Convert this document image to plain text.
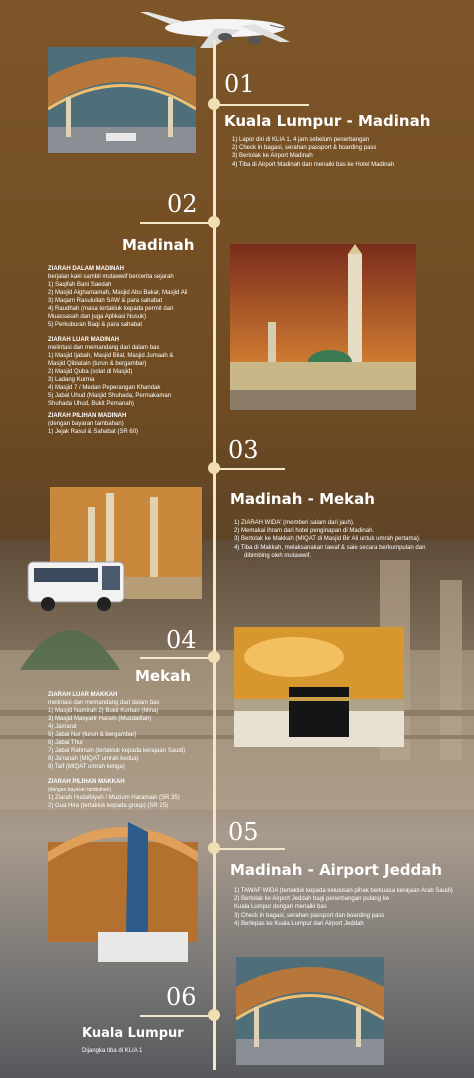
01
Kuala Lumpur - Madinah
1) Lapor diri di KLIA 1, 4 jam sebelum penerbangan
2) Check in bagasi, serahan passport & boarding pass
3) Bertolak ke Airport Madinah
4) Tiba di Airport Madinah dan menaiki bas ke Hotel Madinah
02
Madinah
ZIARAH DALAM MADINAH
berjalan kaki sambil mutawwif bercerita sejarah
1) Saqifah Bani Saedah
2) Masjid Alghamamah, Masjid Abu Bakar, Masjid Ali
3) Maqam Rasulullah SAW & para sahabat
4) Raudhah (masa tertakluk kepada permit dari
Muassasah dan juga Aplikasi Nusuk)
5) Perkuburan Baqi & para sahabat
ZIARAH LUAR MADINAH
melintasi dan memandang dari dalam bas
1) Masjid Ijabah, Masjid Bilal, Masjid Jumaah &
Masjid Qiblatain (turun & bergambar)
2) Masjid Quba (solat di Masjid)
3) Ladang Kurma
4) Masjid 7 / Medan Peperangan Khandak
5) Jabal Uhud (Masjid Shuhada, Permakaman
Shuhada Uhud, Bukit Pemanah)
ZIARAH PILIHAN MADINAH
(dengan bayaran tambahan)
1) Jejak Rasul & Sahabat (SR 60)
03
Madinah - Mekah
1) ZIARAH WIDA' (memberi salam dari jauh).
2) Memakai ihram dari hotel penginapan di Madinah.
3) Bertolak ke Makkah (MIQAT di Masjid Bir Ali untuk umrah pertama).
4) Tiba di Makkah, melaksanakan tawaf & saie secara berkumpulan dan
dibimbing oleh mutawwif.
04
Mekah
ZIARAH LUAR MAKKAH
melintasi dan memandang dari dalam bas
1) Masjid Namirah 2) Bukit Korban (Mina)
3) Masjid Masyarir Haram (Muzdalifah)
4) Jamarat
5) Jabal Nur (turun & bergambar)
6) Jabal Thur
7) Jabal Rahmah (tertakluk kepada kerajaan Saudi)
8) Ja'ranah (MIQAT umrah kedua)
9) Taif (MIQAT umrah ketiga)
ZIARAH PILIHAN MAKKAH
(dengan bayaran tambahan)
1) Ziarah Hudaibiyah / Muzium Haramain (SR 35)
2) Gua Hira (tertakluk kepada group) (SR 25)
05
Madinah - Airport Jeddah
1) TAWAF WIDA (tertakluk kepada kelulusan pihak berkuasa kerajaan Arab Saudi)
2) Bertolak ke Airport Jeddah bagi penerbangan pulang ke
Kuala Lumpur dengan menaiki bas
3) Check in bagasi, serahan passport dan boarding pass
4) Berlepas ke Kuala Lumpur dari Airport Jeddah
06
Kuala Lumpur
Dijangka tiba di KLIA 1
